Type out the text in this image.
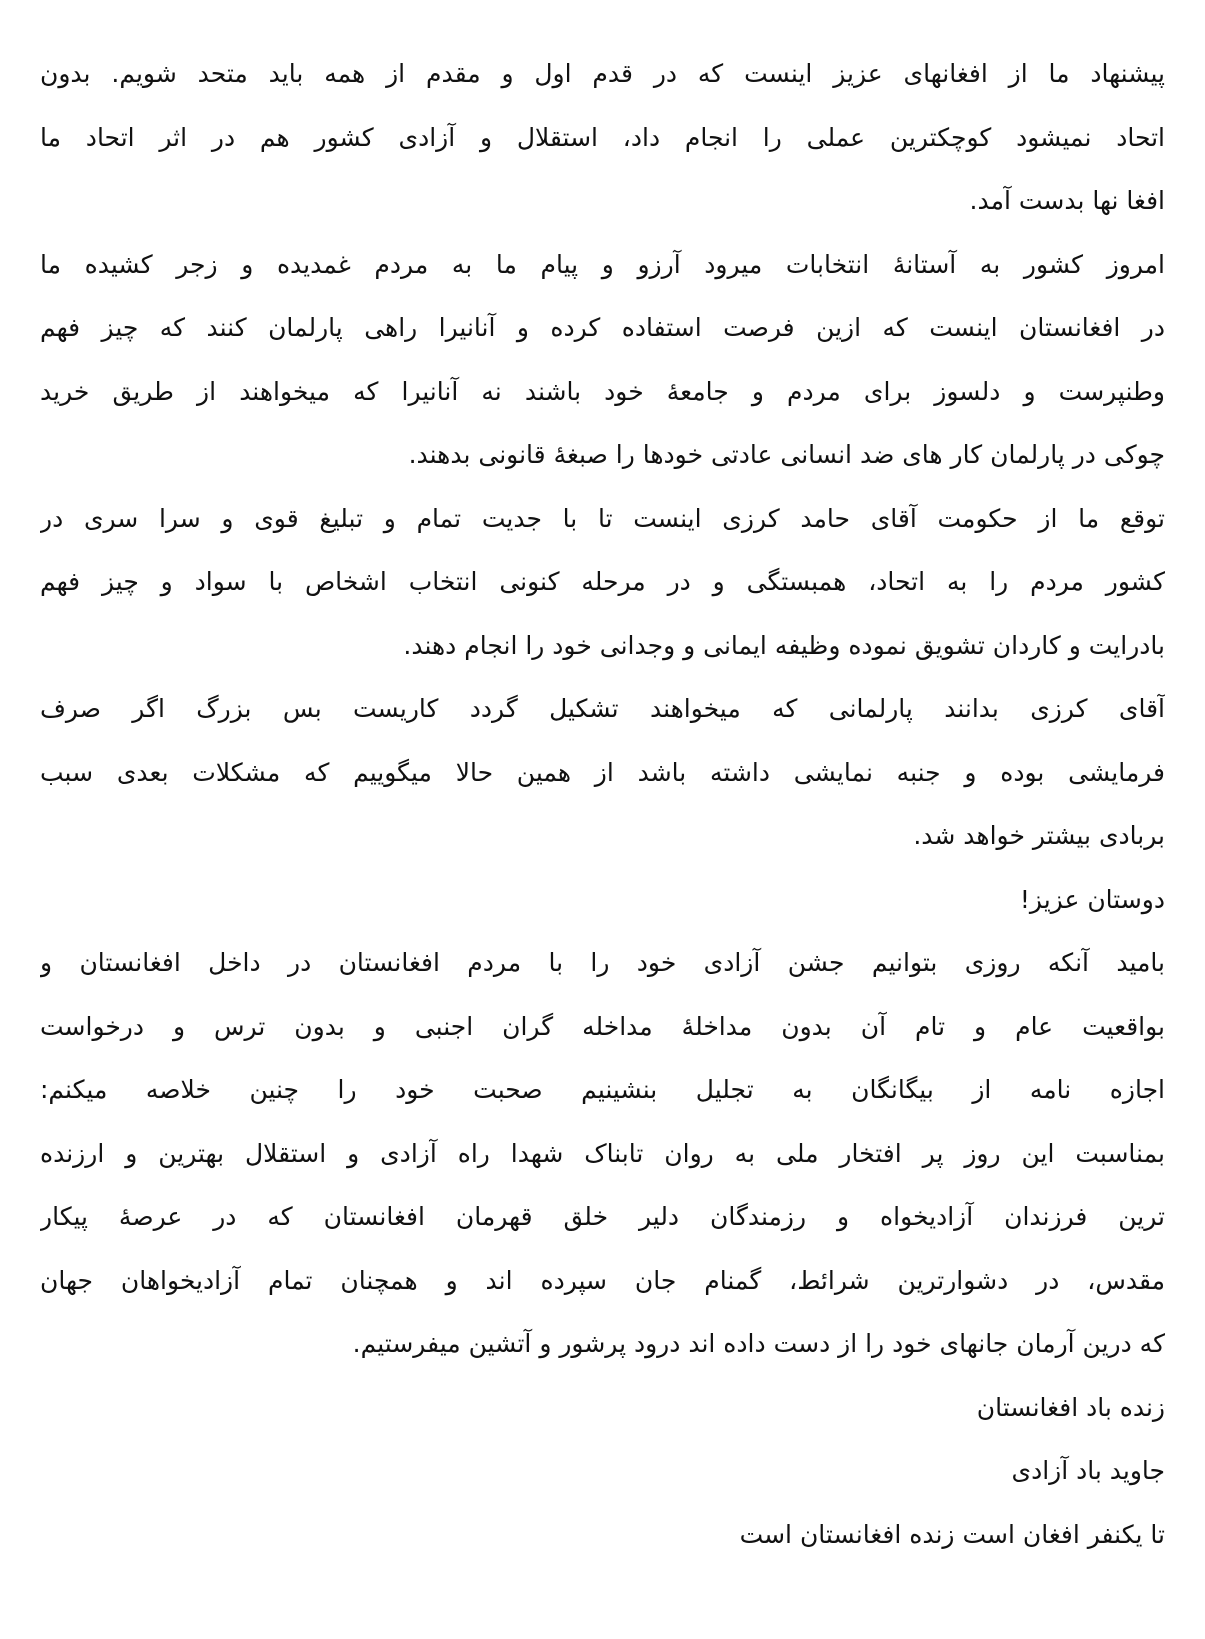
پیشنهاد ما از افغانهای عزیز اینست که در قدم اول و مقدم از همه باید متحد شویم. بدون
اتحاد نمیشود کوچکترین عملی را انجام داد، استقلال و آزادی کشور هم در اثر اتحاد ما
افغا نها بدست آمد.
امروز کشور به آستانهٔ انتخابات میرود آرزو و پیام ما به مردم غمدیده و زجر کشیده ما
در افغانستان اینست که ازین فرصت استفاده کرده و آنانیرا راهی پارلمان کنند که چیز فهم
وطنپرست و دلسوز برای مردم و جامعهٔ خود باشند نه آنانیرا که میخواهند از طریق خرید
چوکی در پارلمان کار های ضد انسانی عادتی خودها را صبغهٔ قانونی بدهند.
توقع ما از حکومت آقای حامد کرزی اینست تا با جدیت تمام و تبلیغ قوی و سرا سری در
کشور مردم را به اتحاد، همبستگی و در مرحله کنونی انتخاب اشخاص با سواد و چیز فهم
بادرایت و کاردان تشویق نموده وظیفه ایمانی و وجدانی خود را انجام دهند.
آقای کرزی بدانند پارلمانی که میخواهند تشکیل گردد کاریست بس بزرگ اگر صرف
فرمایشی بوده و جنبه نمایشی داشته باشد از همین حالا میگوییم که مشکلات بعدی سبب
بربادی بیشتر خواهد شد.
دوستان عزیز!
بامید آنکه روزی بتوانیم جشن آزادی خود را با مردم افغانستان در داخل افغانستان و
بواقعیت عام و تام آن بدون مداخلهٔ مداخله گران اجنبی و بدون ترس و درخواست
اجازه نامه از بیگانگان به تجلیل بنشینیم صحبت خود را چنین خلاصه میکنم:
بمناسبت این روز پر افتخار ملی به روان تابناک شهدا راه آزادی و استقلال بهترین و ارزنده
ترین فرزندان آزادیخواه و رزمندگان دلیر خلق قهرمان افغانستان که در عرصهٔ پیکار
مقدس، در دشوارترین شرائط، گمنام جان سپرده اند و همچنان تمام آزادیخواهان جهان
که درین آرمان جانهای خود را از دست داده اند درود پرشور و آتشین میفرستیم.
زنده باد افغانستان
جاوید باد آزادی
تا یکنفر افغان است زنده افغانستان است
